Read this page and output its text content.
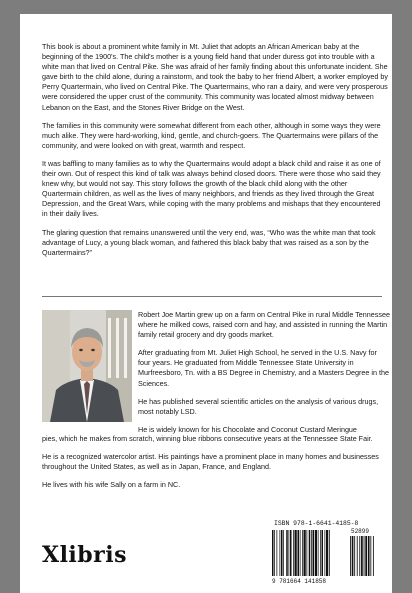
This book is about a prominent white family in Mt. Juliet that adopts an African American baby at the beginning of the 1900's. The child's mother is a young field hand that under duress got into trouble with a white man that lived on Central Pike. She was afraid of her family finding about this unfortunate incident. She gave birth to the child alone, during a rainstorm, and took the baby to her friend Albert, a worker employed by Perry Quartermain, who lived on Central Pike. The Quartermains, who ran a dairy, and were very prosperous were considered the upper crust of the community. This community was located almost midway between Lebanon on the East, and the Stones River Bridge on the West.

The families in this community were somewhat different from each other, although in some ways they were much alike. They were hard-working, kind, gentle, and church-goers. The Quartermains were pillars of the community, and were looked on with great, warmth and respect.

It was baffling to many families as to why the Quartermains would adopt a black child and raise it as one of their own. Out of respect this kind of talk was always behind closed doors. There were those who said they knew why, but would not say. This story follows the growth of the black child along with the other Quartermain children, as well as the lives of many neighbors, and friends as they lived through the Great Depression, and the Great Wars, while coping with the many problems and mishaps that they encountered in their daily lives.

The glaring question that remains unanswered until the very end, was, “Who was the white man that took advantage of Lucy, a young black woman, and fathered this black baby that was raised as a son by the Quartermains?”

Robert Joe Martin grew up on a farm on Central Pike in rural Middle Tennessee where he milked cows, raised corn and hay, and assisted in running the Martin family retail grocery and dry goods market.

After graduating from Mt. Juliet High School, he served in the U.S. Navy for four years. He graduated from Middle Tennessee State University in Murfreesboro, Tn. with a BS Degree in Chemistry, and a Masters Degree in the Sciences.

He has published several scientific articles on the analysis of various drugs, most notably LSD.

He is widely known for his Chocolate and Coconut Custard Meringue

pies, which he makes from scratch, winning blue ribbons consecutive years at the Tennessee State Fair.

He is a recognized watercolor artist. His paintings have a prominent place in many homes and businesses throughout the United States, as well as in Japan, France, and England.

He lives with his wife Sally on a farm in NC.

Xlibris
ISBN 978-1-6641-4185-8
52899
9 781664 141858
